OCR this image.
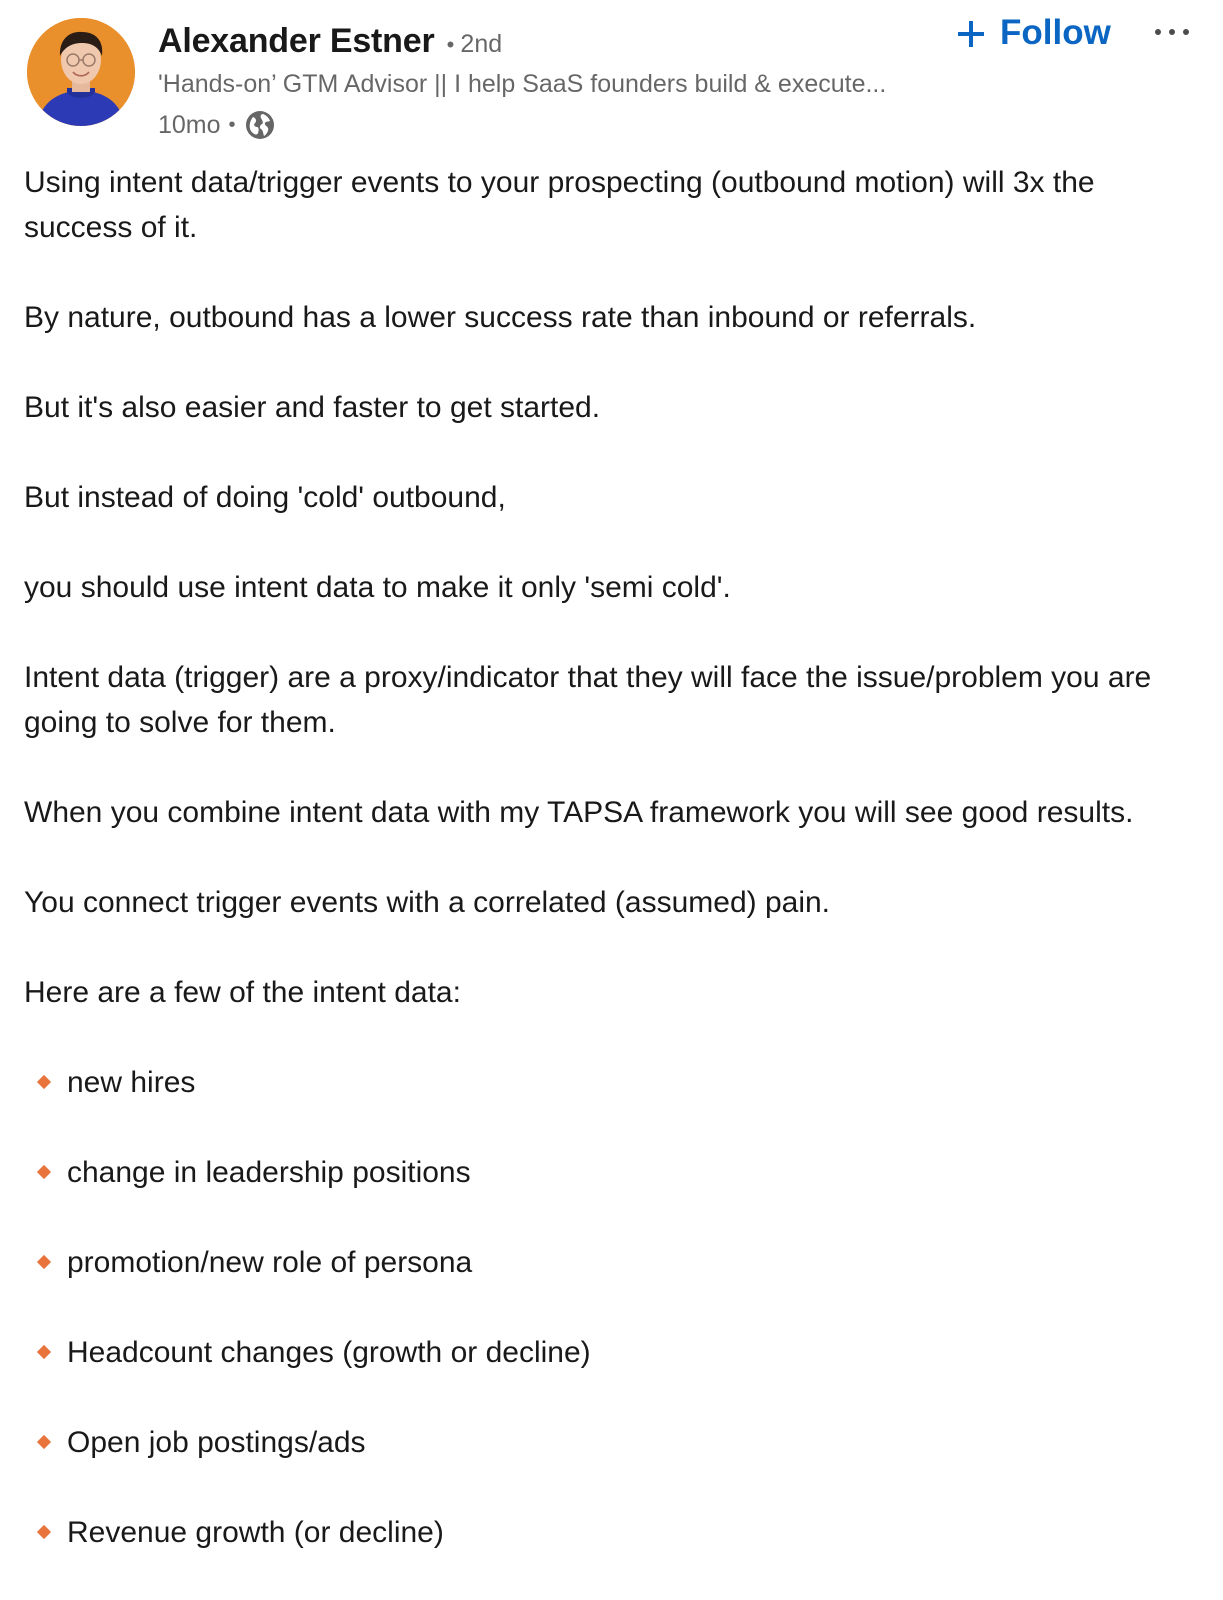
Alexander Estner • 2nd
'Hands-on’ GTM Advisor || I help SaaS founders build & execute...
10mo •
Follow

Using intent data/trigger events to your prospecting (outbound motion) will 3x the success of it.

By nature, outbound has a lower success rate than inbound or referrals.

But it's also easier and faster to get started.

But instead of doing 'cold' outbound,

you should use intent data to make it only 'semi cold'.

Intent data (trigger) are a proxy/indicator that they will face the issue/problem you are going to solve for them.

When you combine intent data with my TAPSA framework you will see good results.

You connect trigger events with a correlated (assumed) pain.

Here are a few of the intent data:

new hires
change in leadership positions
promotion/new role of persona
Headcount changes (growth or decline)
Open job postings/ads
Revenue growth (or decline)
